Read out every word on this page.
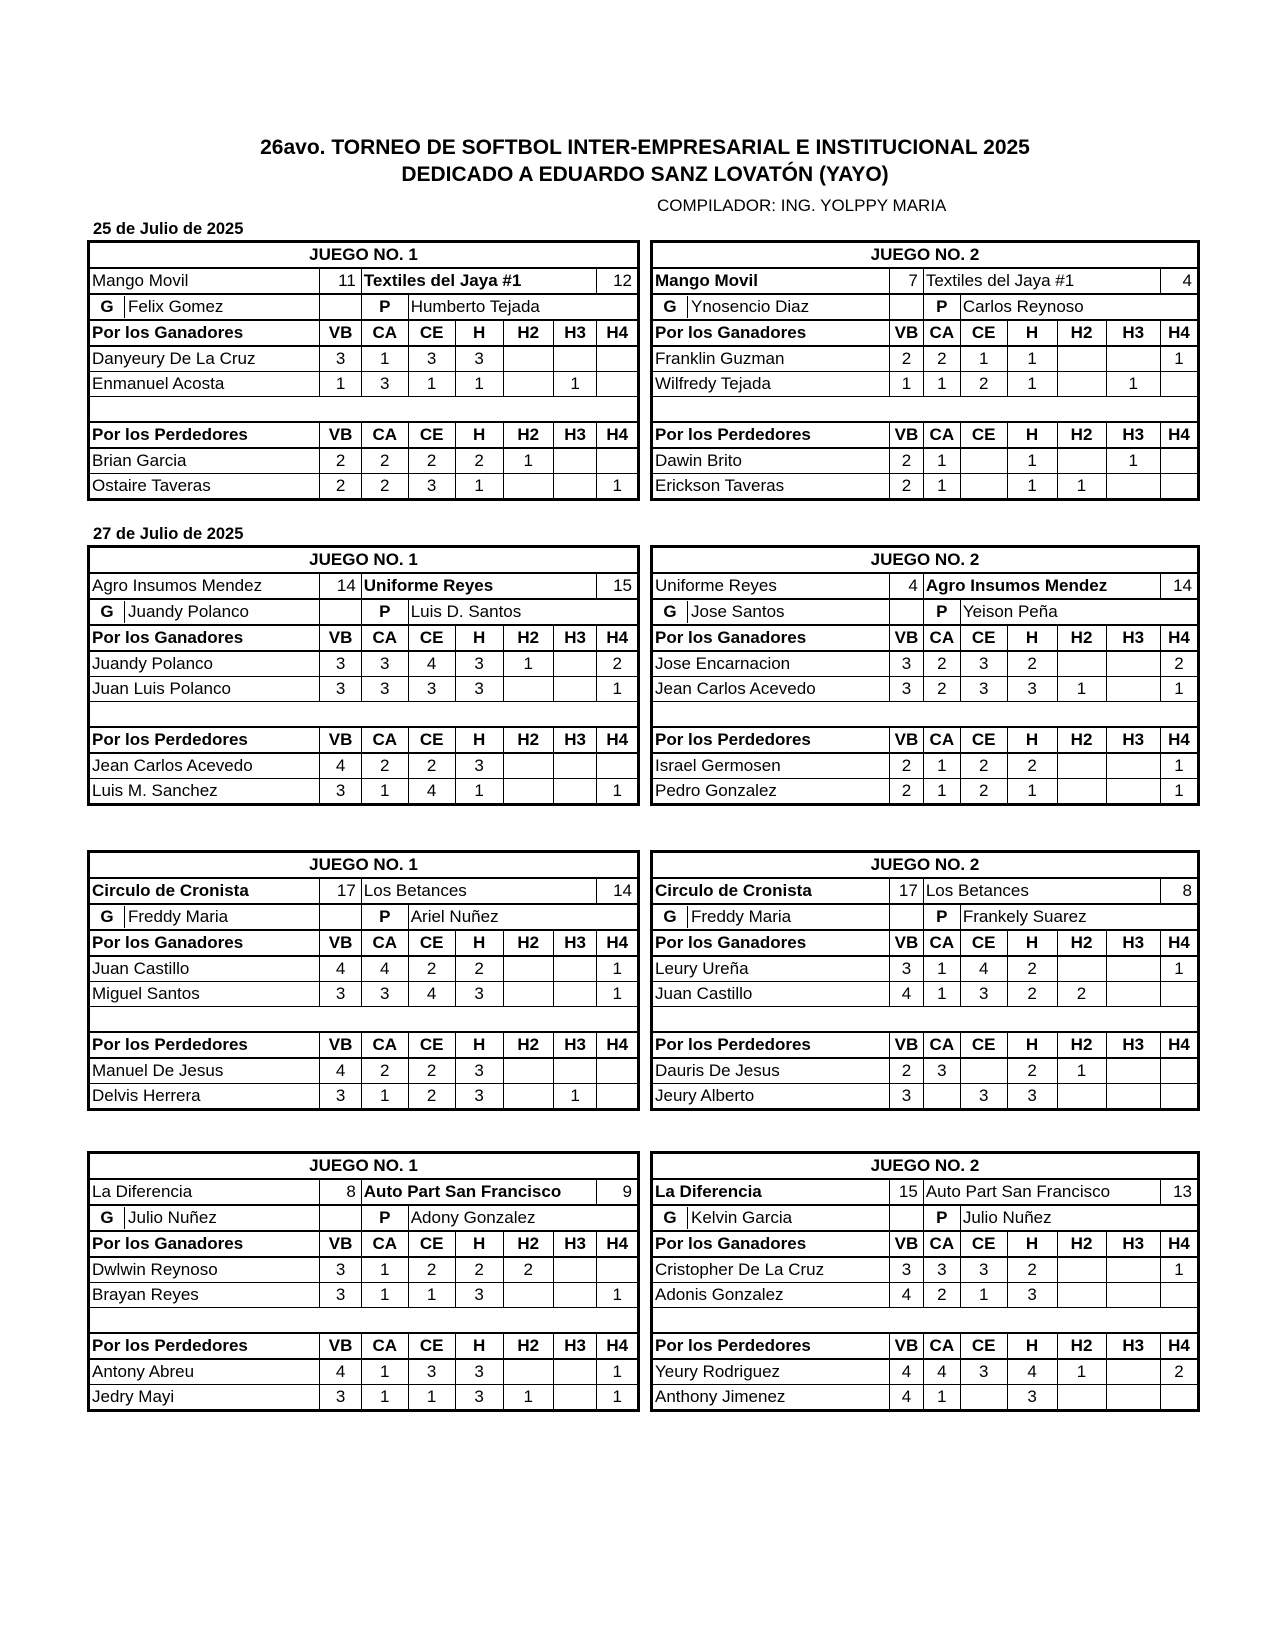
26avo. TORNEO DE SOFTBOL INTER-EMPRESARIAL E INSTITUCIONAL 2025
DEDICADO A EDUARDO SANZ LOVATÓN (YAYO)
COMPILADOR: ING. YOLPPY MARIA
25 de Julio de 2025
JUEGO NO. 1							
Mango Movil	11	Textiles del Jaya #1					12
G Felix Gomez		P	Humberto Tejada				
Por los Ganadores	VB	CA	CE	H	H2	H3	H4
Danyeury De La Cruz	3	1	3	3			
Enmanuel Acosta	1	3	1	1		1	

Por los Perdedores	VB	CA	CE	H	H2	H3	H4
Brian Garcia	2	2	2	2	1		
Ostaire Taveras	2	2	3	1			1
JUEGO NO. 2							
Mango Movil	7	Textiles del Jaya #1					4
G Ynosencio Diaz		P	Carlos Reynoso				
Por los Ganadores	VB	CA	CE	H	H2	H3	H4
Franklin Guzman	2	2	1	1			1
Wilfredy Tejada	1	1	2	1		1	

Por los Perdedores	VB	CA	CE	H	H2	H3	H4
Dawin Brito	2	1		1		1	
Erickson Taveras	2	1		1	1		
27 de Julio de 2025
JUEGO NO. 1							
Agro Insumos Mendez	14	Uniforme Reyes					15
G Juandy Polanco		P	Luis D. Santos				
Por los Ganadores	VB	CA	CE	H	H2	H3	H4
Juandy Polanco	3	3	4	3	1		2
Juan Luis Polanco	3	3	3	3			1

Por los Perdedores	VB	CA	CE	H	H2	H3	H4
Jean Carlos Acevedo	4	2	2	3			
Luis M. Sanchez	3	1	4	1			1
JUEGO NO. 2							
Uniforme Reyes	4	Agro Insumos Mendez					14
G Jose Santos		P	Yeison Peña				
Por los Ganadores	VB	CA	CE	H	H2	H3	H4
Jose Encarnacion	3	2	3	2			2
Jean Carlos Acevedo	3	2	3	3	1		1

Por los Perdedores	VB	CA	CE	H	H2	H3	H4
Israel Germosen	2	1	2	2			1
Pedro Gonzalez	2	1	2	1			1
JUEGO NO. 1							
Circulo de Cronista	17	Los Betances					14
G Freddy Maria		P	Ariel Nuñez				
Por los Ganadores	VB	CA	CE	H	H2	H3	H4
Juan Castillo	4	4	2	2			1
Miguel Santos	3	3	4	3			1

Por los Perdedores	VB	CA	CE	H	H2	H3	H4
Manuel De Jesus	4	2	2	3			
Delvis Herrera	3	1	2	3		1	
JUEGO NO. 2							
Circulo de Cronista	17	Los Betances					8
G Freddy Maria		P	Frankely Suarez				
Por los Ganadores	VB	CA	CE	H	H2	H3	H4
Leury Ureña	3	1	4	2			1
Juan Castillo	4	1	3	2	2		

Por los Perdedores	VB	CA	CE	H	H2	H3	H4
Dauris De Jesus	2	3		2	1		
Jeury Alberto	3		3	3			
JUEGO NO. 1							
La Diferencia	8	Auto Part San Francisco					9
G Julio Nuñez		P	Adony Gonzalez				
Por los Ganadores	VB	CA	CE	H	H2	H3	H4
Dwlwin Reynoso	3	1	2	2	2		
Brayan Reyes	3	1	1	3			1

Por los Perdedores	VB	CA	CE	H	H2	H3	H4
Antony Abreu	4	1	3	3			1
Jedry Mayi	3	1	1	3	1		1
JUEGO NO. 2							
La Diferencia	15	Auto Part San Francisco					13
G Kelvin Garcia		P	Julio Nuñez				
Por los Ganadores	VB	CA	CE	H	H2	H3	H4
Cristopher De La Cruz	3	3	3	2			1
Adonis Gonzalez	4	2	1	3			

Por los Perdedores	VB	CA	CE	H	H2	H3	H4
Yeury Rodriguez	4	4	3	4	1		2
Anthony Jimenez	4	1		3			
